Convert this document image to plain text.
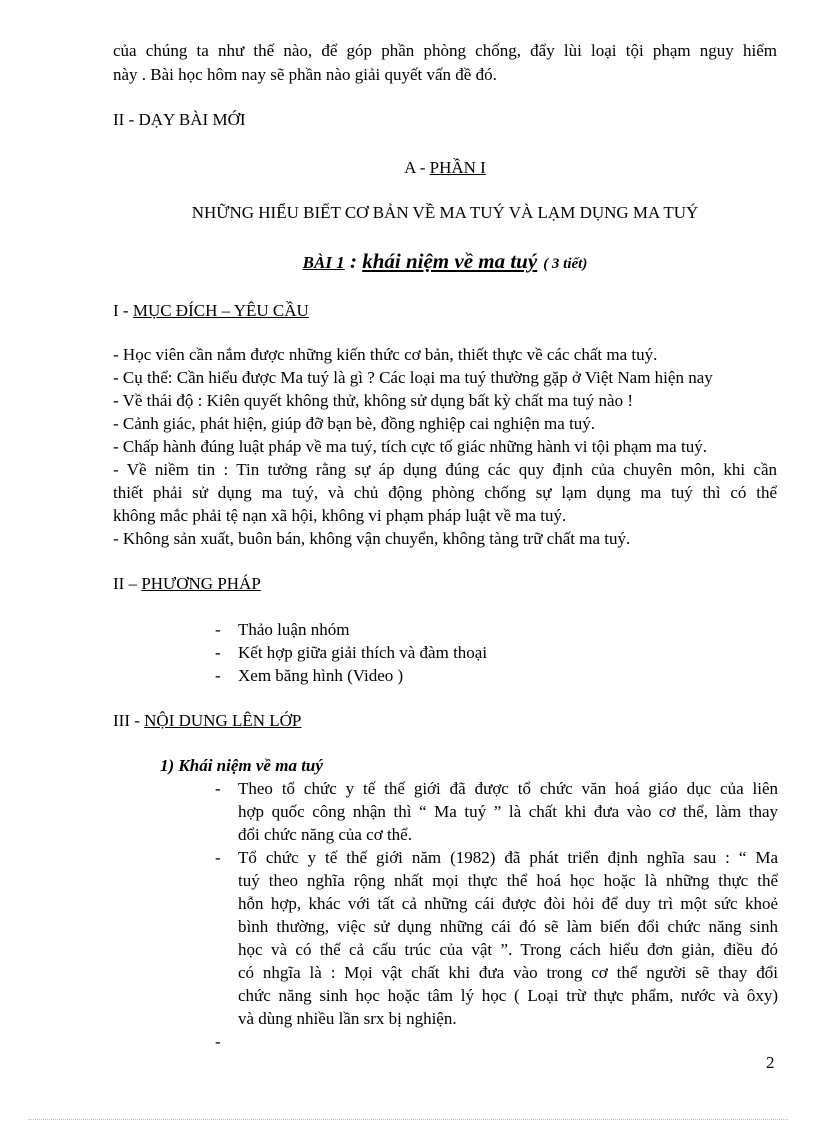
của chúng ta như thế nào, để góp phần phòng chống, đẩy lùi loại tội phạm nguy hiểm
này . Bài học hôm nay sẽ phần nào giải quyết vấn đề đó.
II - DẠY BÀI MỚI
A - PHẦN I
NHỮNG HIỂU BIẾT CƠ BẢN VỀ MA TUÝ VÀ LẠM DỤNG MA TUÝ
BÀI 1 : khái niệm về ma tuý ( 3 tiết)
I - MỤC ĐÍCH – YÊU CẦU
- Học viên cần nắm được những kiến thức cơ bản, thiết thực về các chất ma tuý.
- Cụ thể: Cần hiểu được Ma tuý là gì ? Các loại ma tuý thường gặp ở Việt Nam hiện nay
- Về thái độ : Kiên quyết không thử, không sử dụng bất kỳ chất ma tuý nào !
- Cảnh giác, phát hiện, giúp đỡ bạn bè, đồng nghiệp cai nghiện ma tuý.
- Chấp hành đúng luật pháp về ma tuý, tích cực tố giác những hành vi tội phạm ma tuý.
- Về niềm tin : Tin tưởng rằng sự áp dụng đúng các quy định của chuyên môn, khi cần
thiết phải sử dụng ma tuý, và chủ động phòng chống sự lạm dụng ma tuý thì có thể
không mắc phải tệ nạn xã hội, không vi phạm pháp luật về ma tuý.
- Không sản xuất, buôn bán, không vận chuyển, không tàng trữ chất ma tuý.
II – PHƯƠNG PHÁP
- Thảo luận nhóm
- Kết hợp giữa giải thích và đàm thoại
- Xem băng hình (Video )
III - NỘI DUNG LÊN LỚP
1) Khái niệm về ma tuý
- Theo tổ chức y tế thế giới đã được tổ chức văn hoá giáo dục của liên
hợp quốc công nhận thì “ Ma tuý ” là chất khi đưa vào cơ thể, làm thay
đổi chức năng của cơ thể.
- Tổ chức y tế thế giới năm (1982) đã phát triển định nghĩa sau : “ Ma
tuý theo nghĩa rộng nhất mọi thực thể hoá học hoặc là những thực thể
hỗn hợp, khác với tất cả những cái được đòi hỏi để duy trì một sức khoẻ
bình thường, việc sử dụng những cái đó sẽ làm biến đổi chức năng sinh
học và có thể cả cấu trúc của vật ”. Trong cách hiểu đơn giản, điều đó
có nhgĩa là : Mọi vật chất khi đưa vào trong cơ thể người sẽ thay đổi
chức năng sinh học hoặc tâm lý học ( Loại trừ thực phẩm, nước và ôxy)
và dùng nhiều lần srx bị nghiện.
-
2
